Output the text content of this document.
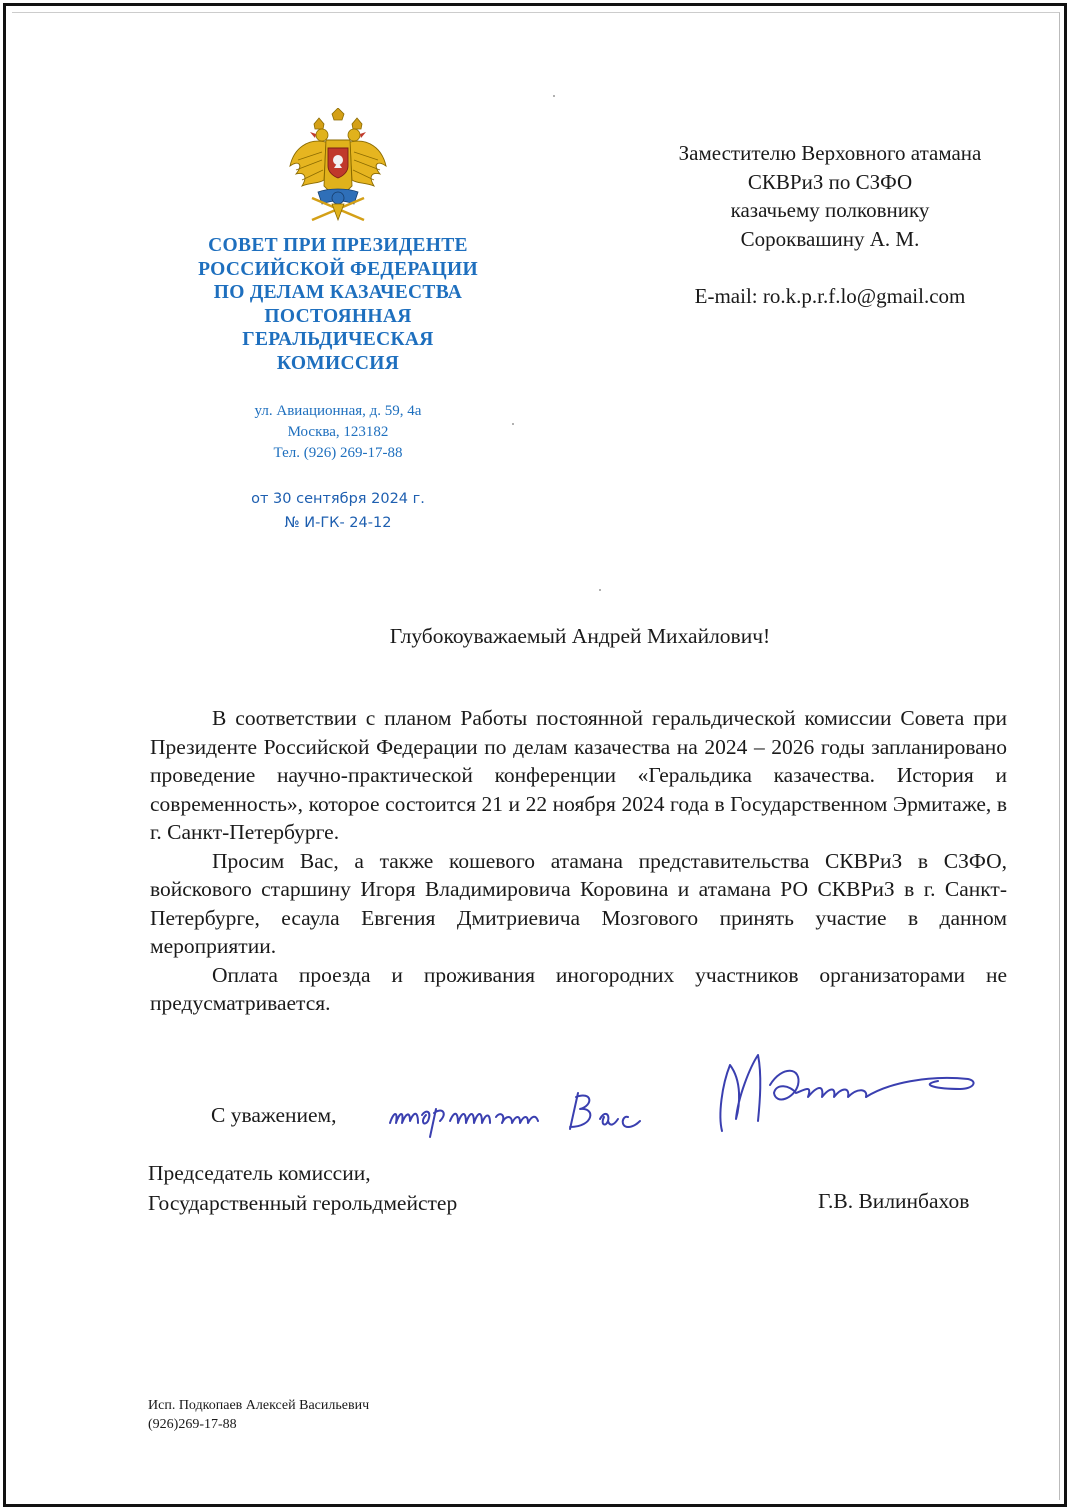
СОВЕТ ПРИ ПРЕЗИДЕНТЕ
РОССИЙСКОЙ ФЕДЕРАЦИИ
ПО ДЕЛАМ КАЗАЧЕСТВА
ПОСТОЯННАЯ
ГЕРАЛЬДИЧЕСКАЯ
КОМИССИЯ
ул. Авиационная, д. 59, 4а
Москва, 123182
Тел. (926) 269-17-88
от 30 сентября 2024 г.
№ И-ГК- 24-12
Заместителю Верховного атамана
СКВРиЗ по СЗФО
казачьему полковнику
Сороквашину А. М.
E-mail: ro.k.p.r.f.lo@gmail.com
Глубокоуважаемый Андрей Михайлович!

В соответствии с планом Работы постоянной геральдической комиссии Совета при Президенте Российской Федерации по делам казачества на 2024 – 2026 годы запланировано проведение научно-практической конференции «Геральдика казачества. История и современность», которое состоится 21 и 22 ноября 2024 года в Государственном Эрмитаже, в г. Санкт-Петербурге.

Просим Вас, а также кошевого атамана представительства СКВРиЗ в СЗФО, войскового старшину Игоря Владимировича Коровина и атамана РО СКВРиЗ в г. Санкт-Петербурге, есаула Евгения Дмитриевича Мозгового принять участие в данном мероприятии.

Оплата проезда и проживания иногородних участников организаторами не предусматривается.

С уважением,
Председатель комиссии,
Государственный герольдмейстер	Г.В. Вилинбахов
Исп. Подкопаев Алексей Васильевич
(926)269-17-88
